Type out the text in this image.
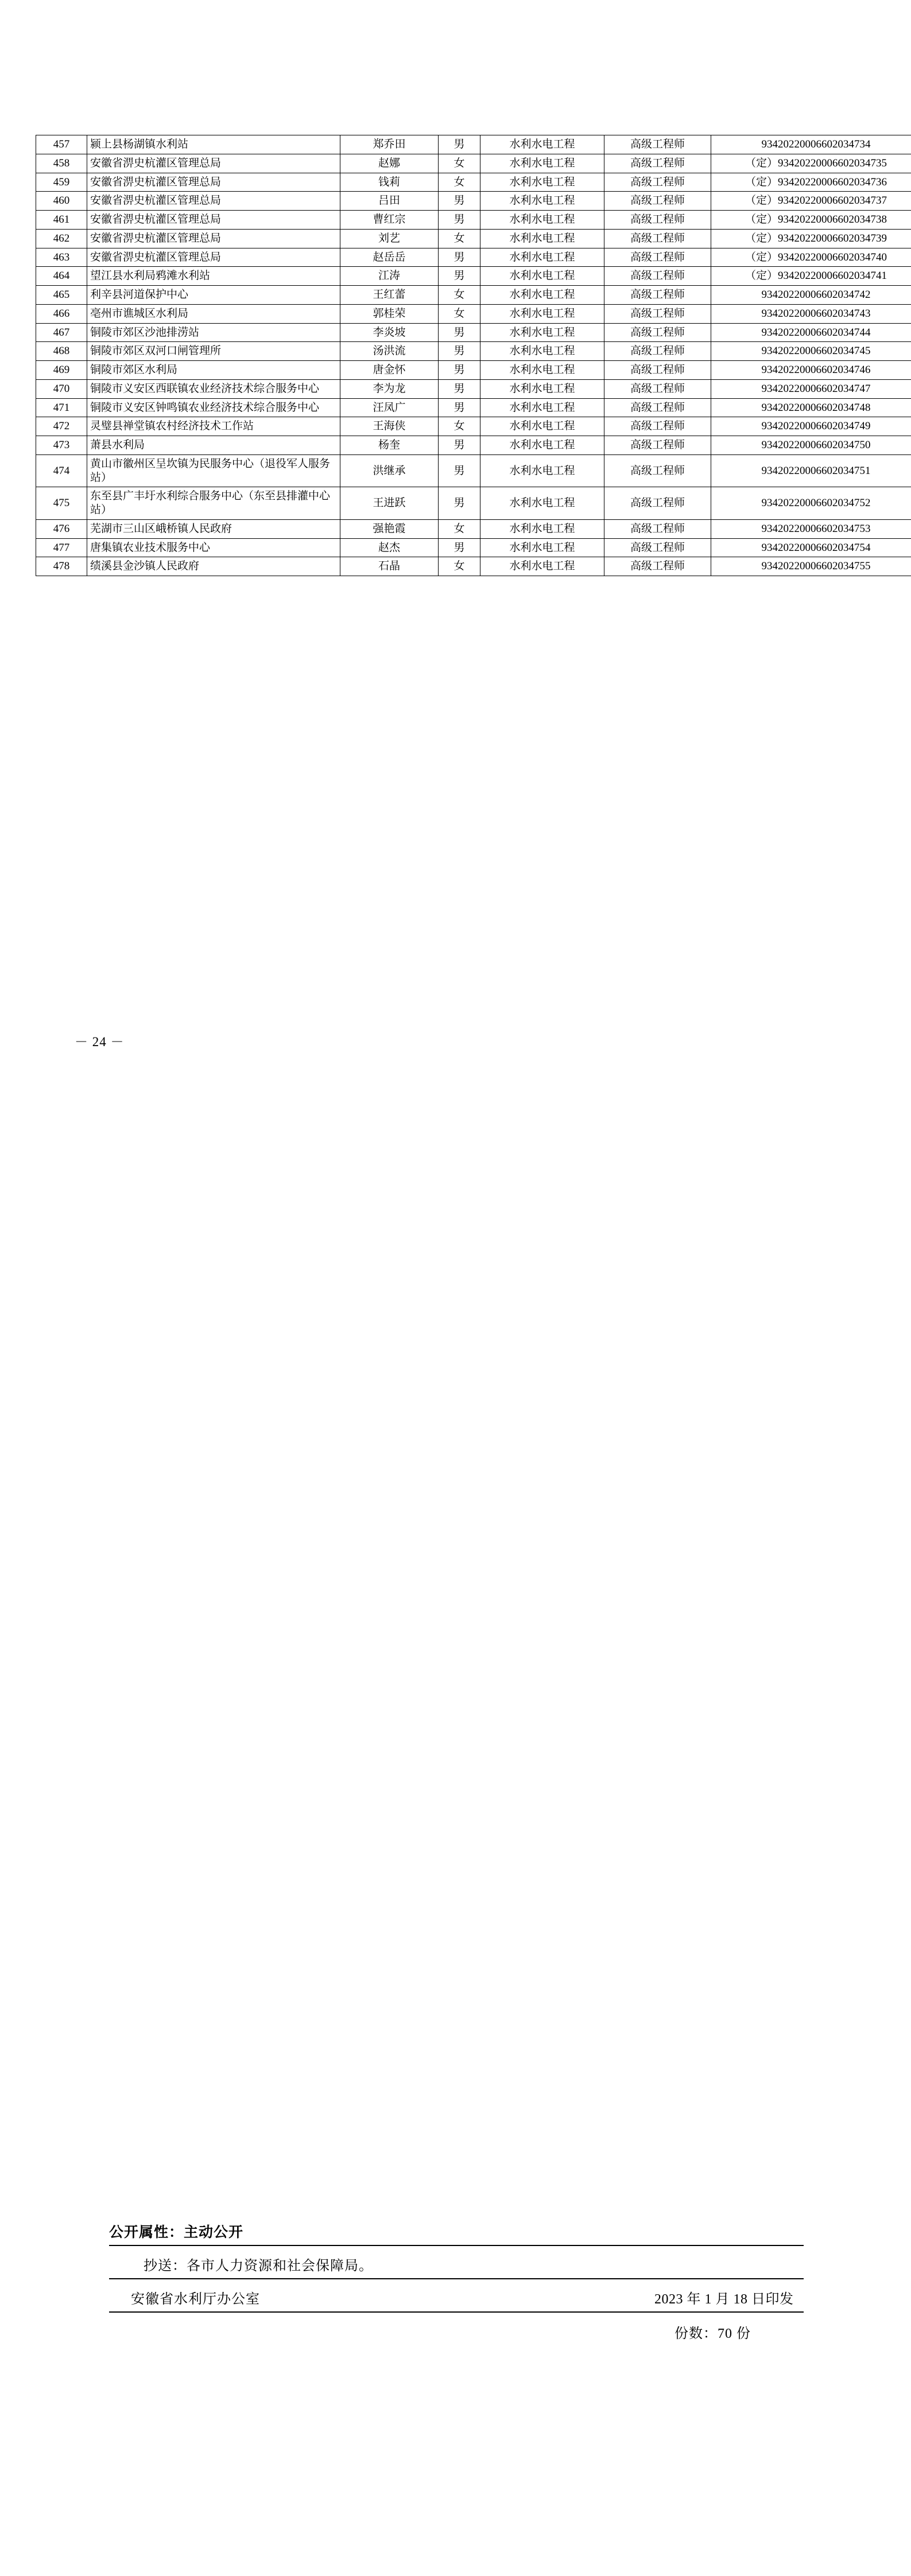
457	颍上县杨湖镇水利站	郑乔田	男	水利水电工程	高级工程师	93420220006602034734
458	安徽省淠史杭灌区管理总局	赵娜	女	水利水电工程	高级工程师	（定）93420220006602034735
459	安徽省淠史杭灌区管理总局	钱莉	女	水利水电工程	高级工程师	（定）93420220006602034736
460	安徽省淠史杭灌区管理总局	吕田	男	水利水电工程	高级工程师	（定）93420220006602034737
461	安徽省淠史杭灌区管理总局	曹红宗	男	水利水电工程	高级工程师	（定）93420220006602034738
462	安徽省淠史杭灌区管理总局	刘艺	女	水利水电工程	高级工程师	（定）93420220006602034739
463	安徽省淠史杭灌区管理总局	赵岳岳	男	水利水电工程	高级工程师	（定）93420220006602034740
464	望江县水利局鸦滩水利站	江涛	男	水利水电工程	高级工程师	（定）93420220006602034741
465	利辛县河道保护中心	王红蕾	女	水利水电工程	高级工程师	93420220006602034742
466	亳州市谯城区水利局	郭桂荣	女	水利水电工程	高级工程师	93420220006602034743
467	铜陵市郊区沙池排涝站	李炎坡	男	水利水电工程	高级工程师	93420220006602034744
468	铜陵市郊区双河口闸管理所	汤洪流	男	水利水电工程	高级工程师	93420220006602034745
469	铜陵市郊区水利局	唐金怀	男	水利水电工程	高级工程师	93420220006602034746
470	铜陵市义安区西联镇农业经济技术综合服务中心	李为龙	男	水利水电工程	高级工程师	93420220006602034747
471	铜陵市义安区钟鸣镇农业经济技术综合服务中心	汪凤广	男	水利水电工程	高级工程师	93420220006602034748
472	灵璧县禅堂镇农村经济技术工作站	王海侠	女	水利水电工程	高级工程师	93420220006602034749
473	萧县水利局	杨奎	男	水利水电工程	高级工程师	93420220006602034750
474	黄山市徽州区呈坎镇为民服务中心（退役军人服务站）	洪继承	男	水利水电工程	高级工程师	93420220006602034751
475	东至县广丰圩水利综合服务中心（东至县排灌中心站）	王进跃	男	水利水电工程	高级工程师	93420220006602034752
476	芜湖市三山区峨桥镇人民政府	强艳霞	女	水利水电工程	高级工程师	93420220006602034753
477	唐集镇农业技术服务中心	赵杰	男	水利水电工程	高级工程师	93420220006602034754
478	绩溪县金沙镇人民政府	石晶	女	水利水电工程	高级工程师	93420220006602034755
－ 24 －
公开属性：主动公开
抄送：各市人力资源和社会保障局。
安徽省水利厅办公室	2023 年 1 月 18 日印发
份数：70 份
